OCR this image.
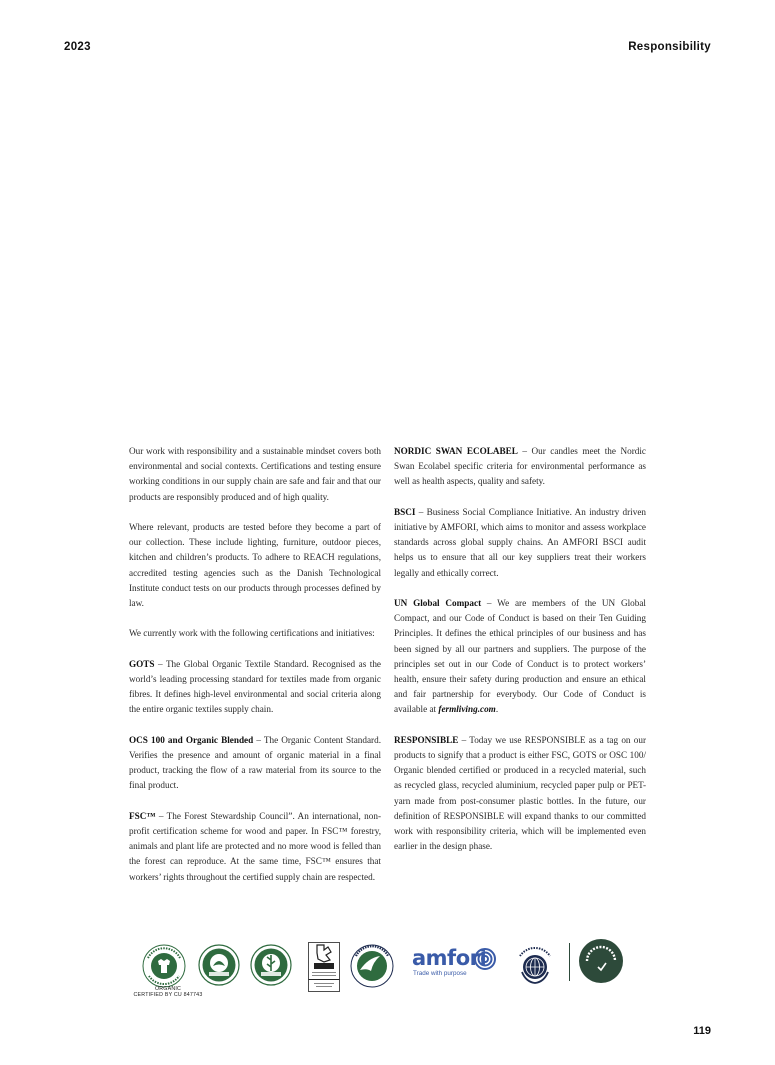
2023	Responsibility

Our work with responsibility and a sustainable mindset covers both environmental and social contexts. Certifications and testing ensure working conditions in our supply chain are safe and fair and that our products are responsibly produced and of high quality.

Where relevant, products are tested before they become a part of our collection. These include lighting, furniture, outdoor pieces, kitchen and children’s products. To adhere to REACH regulations, accredited testing agencies such as the Danish Technological Institute conduct tests on our products through processes defined by law.

We currently work with the following certifications and initiatives:

GOTS – The Global Organic Textile Standard. Recognised as the world’s leading processing standard for textiles made from organic fibres. It defines high-level environmental and social criteria along the entire organic textiles supply chain.

OCS 100 and Organic Blended – The Organic Content Standard. Verifies the presence and amount of organic material in a final product, tracking the flow of a raw material from its source to the final product.

FSC™ – The Forest Stewardship Council”. An international, non-profit certification scheme for wood and paper. In FSC™ forestry, animals and plant life are protected and no more wood is felled than the forest can reproduce. At the same time, FSC™ ensures that workers’ rights throughout the certified supply chain are respected.

NORDIC SWAN ECOLABEL – Our candles meet the Nordic Swan Ecolabel specific criteria for environmental performance as well as health aspects, quality and safety.

BSCI – Business Social Compliance Initiative. An industry driven initiative by AMFORI, which aims to monitor and assess workplace standards across global supply chains. An AMFORI BSCI audit helps us to ensure that all our key suppliers treat their workers legally and ethically correct.

UN Global Compact – We are members of the UN Global Compact, and our Code of Conduct is based on their Ten Guiding Principles. It defines the ethical principles of our business and has been signed by all our partners and suppliers. The purpose of the principles set out in our Code of Conduct is to protect workers’ health, ensure their safety during production and ensure an ethical and fair partnership for everybody. Our Code of Conduct is available at fermliving.com.

RESPONSIBLE – Today we use RESPONSIBLE as a tag on our products to signify that a product is either FSC, GOTS or OSC 100/ Organic blended certified or produced in a recycled material, such as recycled glass, recycled aluminium, recycled paper pulp or PET-yarn made from post-consumer plastic bottles. In the future, our definition of RESPONSIBLE will expand thanks to our committed work with responsibility criteria, which will be implemented even earlier in the design phase.

ORGANIC
CERTIFIED BY CU 847743
amfori
Trade with purpose
119
